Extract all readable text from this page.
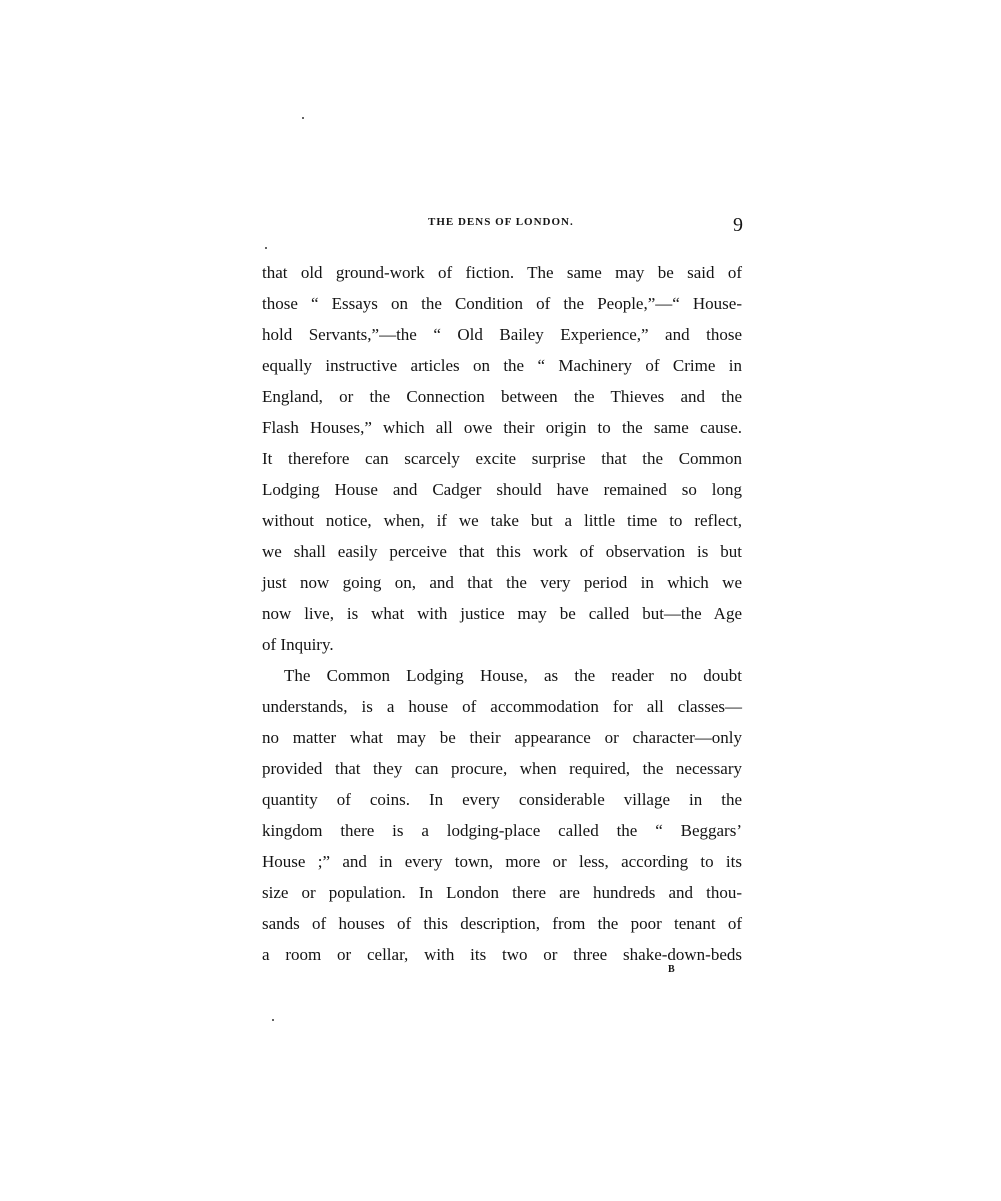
THE DENS OF LONDON.	9
that old ground-work of fiction. The same may be said of
those “ Essays on the Condition of the People,”—“ House-
hold Servants,”—the “ Old Bailey Experience,” and those
equally instructive articles on the “ Machinery of Crime in
England, or the Connection between the Thieves and the
Flash Houses,” which all owe their origin to the same cause.
It therefore can scarcely excite surprise that the Common
Lodging House and Cadger should have remained so long
without notice, when, if we take but a little time to reflect,
we shall easily perceive that this work of observation is but
just now going on, and that the very period in which we
now live, is what with justice may be called but—the Age
of Inquiry.
The Common Lodging House, as the reader no doubt
understands, is a house of accommodation for all classes—
no matter what may be their appearance or character—only
provided that they can procure, when required, the necessary
quantity of coins. In every considerable village in the
kingdom there is a lodging-place called the “ Beggars’
House ;” and in every town, more or less, according to its
size or population. In London there are hundreds and thou-
sands of houses of this description, from the poor tenant of
a room or cellar, with its two or three shake-down-beds
B
